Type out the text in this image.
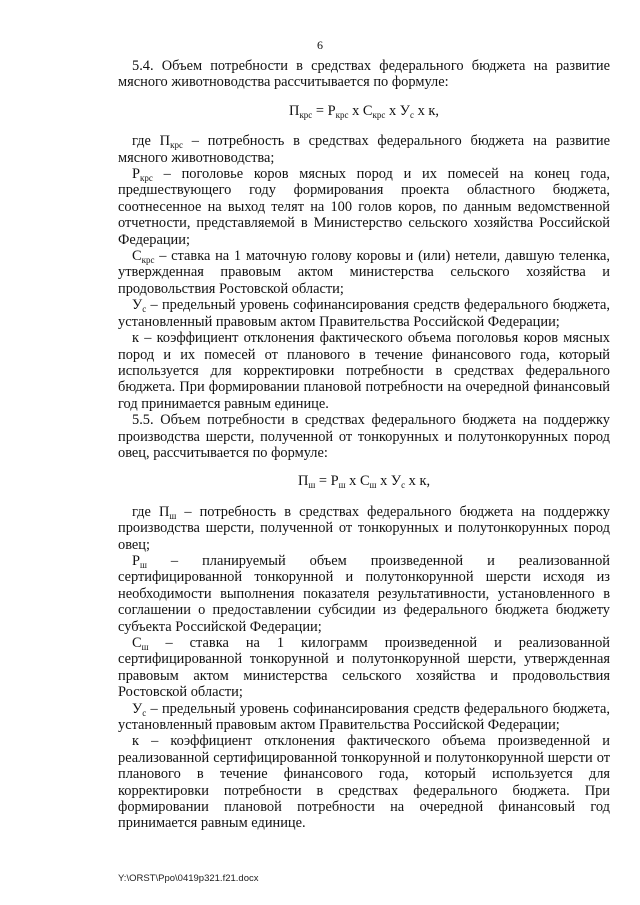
6

5.4. Объем потребности в средствах федерального бюджета на развитие мясного животноводства рассчитывается по формуле:

$П_{крс} = Р_{крс}$ х $С_{крс}$ х $У_с$ х к,

где $П_{крс}$ – потребность в средствах федерального бюджета на развитие мясного животноводства;

$Р_{крс}$ – поголовье коров мясных пород и их помесей на конец года, предшествующего году формирования проекта областного бюджета, соотнесенное на выход телят на 100 голов коров, по данным ведомственной отчетности, представляемой в Министерство сельского хозяйства Российской Федерации;

$С_{крс}$ – ставка на 1 маточную голову коровы и (или) нетели, давшую теленка, утвержденная правовым актом министерства сельского хозяйства и продовольствия Ростовской области;

$У_с$ – предельный уровень софинансирования средств федерального бюджета, установленный правовым актом Правительства Российской Федерации;

к – коэффициент отклонения фактического объема поголовья коров мясных пород и их помесей от планового в течение финансового года, который используется для корректировки потребности в средствах федерального бюджета. При формировании плановой потребности на очередной финансовый год принимается равным единице.

5.5. Объем потребности в средствах федерального бюджета на поддержку производства шерсти, полученной от тонкорунных и полутонкорунных пород овец, рассчитывается по формуле:

$П_ш = Р_ш$ х $С_ш$ х $У_с$ х к,

где $П_ш$ – потребность в средствах федерального бюджета на поддержку производства шерсти, полученной от тонкорунных и полутонкорунных пород овец;

$Р_ш$ – планируемый объем произведенной и реализованной сертифицированной тонкорунной и полутонкорунной шерсти исходя из необходимости выполнения показателя результативности, установленного в соглашении о предоставлении субсидии из федерального бюджета бюджету субъекта Российской Федерации;

$С_ш$ – ставка на 1 килограмм произведенной и реализованной сертифицированной тонкорунной и полутонкорунной шерсти, утвержденная правовым актом министерства сельского хозяйства и продовольствия Ростовской области;

$У_с$ – предельный уровень софинансирования средств федерального бюджета, установленный правовым актом Правительства Российской Федерации;

к – коэффициент отклонения фактического объема произведенной и реализованной сертифицированной тонкорунной и полутонкорунной шерсти от планового в течение финансового года, который используется для корректировки потребности в средствах федерального бюджета. При формировании плановой потребности на очередной финансовый год принимается равным единице.

Y:\ORST\Ppo\0419p321.f21.docx
